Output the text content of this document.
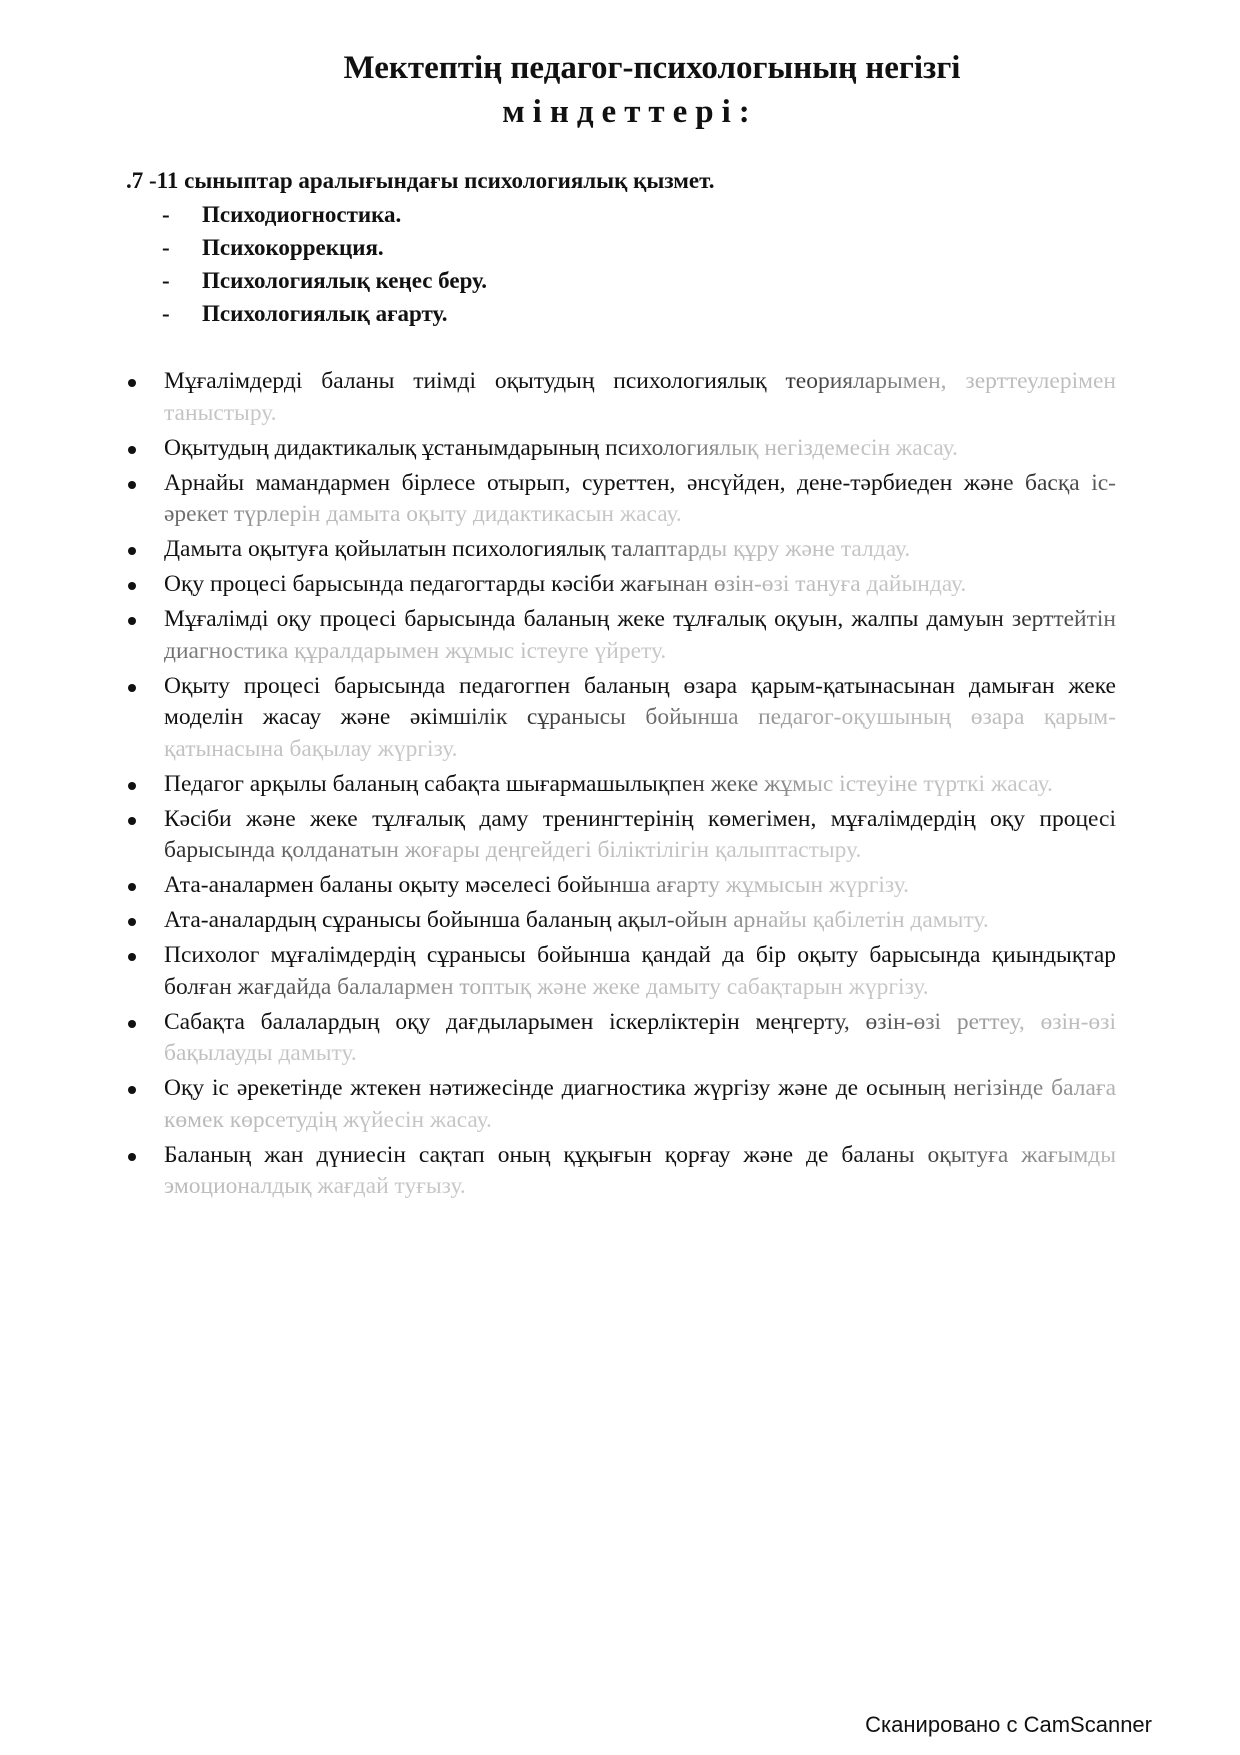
Мектептің педагог-психологының негізгі
міндеттері:
.7 -11 сыныптар аралығындағы психологиялық қызмет.
- Психодиогностика.
- Психокоррекция.
- Психологиялық кеңес беру.
- Психологиялық ағарту.
Мұғалімдерді баланы тиімді оқытудың психологиялық теорияларымен, зерттеулерімен таныстыру.
Оқытудың дидактикалық ұстанымдарының психологиялық негіздемесін жасау.
Арнайы мамандармен бірлесе отырып, суреттен, әнсүйден, дене-тәрбиеден және басқа іс-әрекет түрлерін дамыта оқыту дидактикасын жасау.
Дамыта оқытуға қойылатын психологиялық талаптарды құру және талдау.
Оқу процесі барысында педагогтарды кәсіби жағынан өзін-өзі тануға дайындау.
Мұғалімді оқу процесі барысында баланың жеке тұлғалық оқуын, жалпы дамуын зерттейтін диагностика құралдарымен жұмыс істеуге үйрету.
Оқыту процесі барысында педагогпен баланың өзара қарым-қатынасынан дамыған жеке моделін жасау және әкімшілік сұранысы бойынша педагог-оқушының өзара қарым-қатынасына бақылау жүргізу.
Педагог арқылы баланың сабақта шығармашылықпен жеке жұмыс істеуіне түрткі жасау.
Кәсіби және жеке тұлғалық даму тренингтерінің көмегімен, мұғалімдердің оқу процесі барысында қолданатын жоғары деңгейдегі біліктілігін қалыптастыру.
Ата-аналармен баланы оқыту мәселесі бойынша ағарту жұмысын жүргізу.
Ата-аналардың сұранысы бойынша баланың ақыл-ойын арнайы қабілетін дамыту.
Психолог мұғалімдердің сұранысы бойынша қандай да бір оқыту барысында қиындықтар болған жағдайда балалармен топтық және жеке дамыту сабақтарын жүргізу.
Сабақта балалардың оқу дағдыларымен іскерліктерін меңгерту, өзін-өзі реттеу, өзін-өзі бақылауды дамыту.
Оқу іс әрекетінде жтекен нәтижесінде диагностика жүргізу және де осының негізінде балаға көмек көрсетудің жүйесін жасау.
Баланың жан дүниесін сақтап оның құқығын қорғау және де баланы оқытуға жағымды эмоционалдық жағдай туғызу.
Сканировано с CamScanner
